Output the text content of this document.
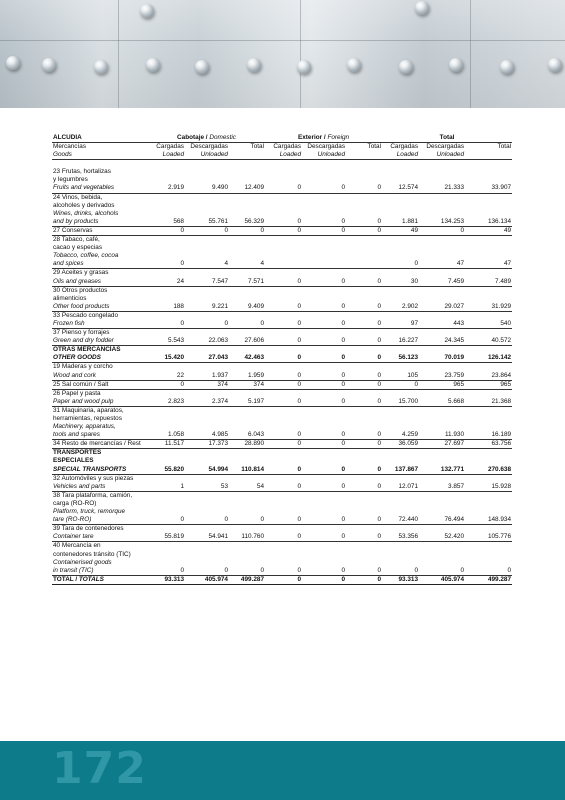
ALCUDIA	Cabotaje / Domestic			Exterior / Foreign			Total		
Mercancías	Cargadas	Descargadas	Total	Cargadas	Descargadas	Total	Cargadas	Descargadas	Total
Goods	Loaded	Unloaded		Loaded	Unloaded		Loaded	Unloaded	

23 Frutas, hortalizas
y legumbres
Fruits and vegetables	2.919	9.490	12.409	0	0	0	12.574	21.333	33.907

24 Vinos, bebida,
alcoholes y derivados
Wines, drinks, alcohols
and by products	568	55.761	56.329	0	0	0	1.881	134.253	136.134

27 Conservas	0	0	0	0	0	0	49	0	49

28 Tabaco, café,
cacao y especias
Tobacco, coffee, cocoa
and spices	0	4	4				0	47	47

29 Aceites y grasas
Oils and greases	24	7.547	7.571	0	0	0	30	7.459	7.489

30 Otros productos
alimenticios
Other food products	188	9.221	9.409	0	0	0	2.902	29.027	31.929

33 Pescado congelado
Frozen fish	0	0	0	0	0	0	97	443	540

37 Pienso y forrajes
Green and dry fodder	5.543	22.063	27.606	0	0	0	16.227	24.345	40.572

OTRAS MERCANCÍAS
OTHER GOODS	15.420	27.043	42.463	0	0	0	56.123	70.019	126.142

19 Maderas y corcho
Wood and cork	22	1.937	1.959	0	0	0	105	23.759	23.864

25 Sal común / Salt	0	374	374	0	0	0	0	965	965

26 Papel y pasta
Paper and wood pulp	2.823	2.374	5.197	0	0	0	15.700	5.668	21.368

31 Maquinaria, aparatos,
herramientas, repuestos
Machinery, apparatus,
tools and spares	1.058	4.985	6.043	0	0	0	4.259	11.930	16.189

34 Resto de mercancías / Rest	11.517	17.373	28.890	0	0	0	36.059	27.697	63.756

TRANSPORTES
ESPECIALES
SPECIAL TRANSPORTS	55.820	54.994	110.814	0	0	0	137.867	132.771	270.638

32 Automóviles y sus piezas
Vehicles and parts	1	53	54	0	0	0	12.071	3.857	15.928

38 Tara plataforma, camión,
carga (RO-RO)
Platform, truck, remorque
tare (RO-RO)	0	0	0	0	0	0	72.440	76.494	148.934

39 Tara de contenedores
Container tare	55.819	54.941	110.760	0	0	0	53.356	52.420	105.776

40 Mercancía en
contenedores tránsito (TIC)
Containerised goods
in transit (TIC)	0	0	0	0	0	0	0	0	0
TOTAL / TOTALS	93.313	405.974	499.287	0	0	0	93.313	405.974	499.287
172
